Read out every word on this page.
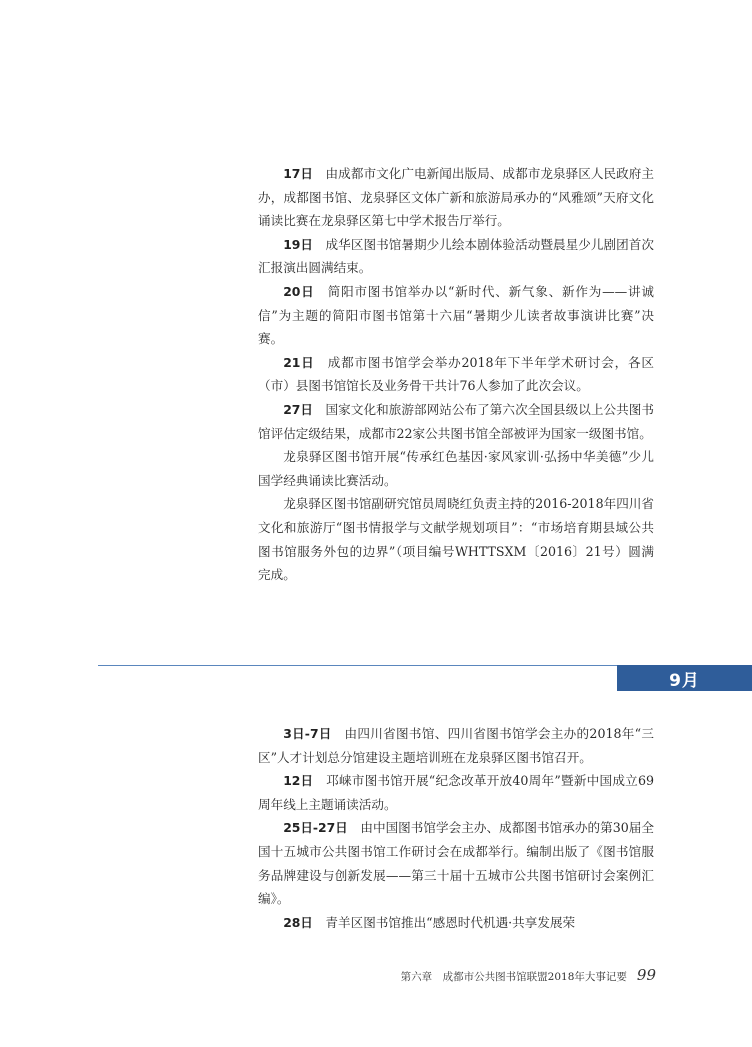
17日　 由成都市文化广电新闻出版局、成都市龙泉驿区人民政府主办，成都图书馆、龙泉驿区文体广新和旅游局承办的“风雅颂”天府文化诵读比赛在龙泉驿区第七中学术报告厅举行。

19日　 成华区图书馆暑期少儿绘本剧体验活动暨晨星少儿剧团首次汇报演出圆满结束。

20日　 简阳市图书馆举办以“新时代、新气象、新作为——讲诚信”为主题的简阳市图书馆第十六届“暑期少儿读者故事演讲比赛”决赛。

21日　 成都市图书馆学会举办2018年下半年学术研讨会，各区（市）县图书馆馆长及业务骨干共计76人参加了此次会议。

27日　 国家文化和旅游部网站公布了第六次全国县级以上公共图书馆评估定级结果，成都市22家公共图书馆全部被评为国家一级图书馆。

龙泉驿区图书馆开展“传承红色基因·家风家训·弘扬中华美德”少儿国学经典诵读比赛活动。

龙泉驿区图书馆副研究馆员周晓红负责主持的2016-2018年四川省文化和旅游厅“图书情报学与文献学规划项目”：“市场培育期县域公共图书馆服务外包的边界”（项目编号WHTTSXM〔2016〕21号）圆满完成。

9月

3日-7日　 由四川省图书馆、四川省图书馆学会主办的2018年“三区”人才计划总分馆建设主题培训班在龙泉驿区图书馆召开。

12日　 邛崃市图书馆开展“纪念改革开放40周年”暨新中国成立69周年线上主题诵读活动。

25日-27日　 由中国图书馆学会主办、成都图书馆承办的第30届全国十五城市公共图书馆工作研讨会在成都举行。编制出版了《图书馆服务品牌建设与创新发展——第三十届十五城市公共图书馆研讨会案例汇编》。

28日　 青羊区图书馆推出“感恩时代机遇·共享发展荣

第六章　成都市公共图书馆联盟2018年大事记要 99
